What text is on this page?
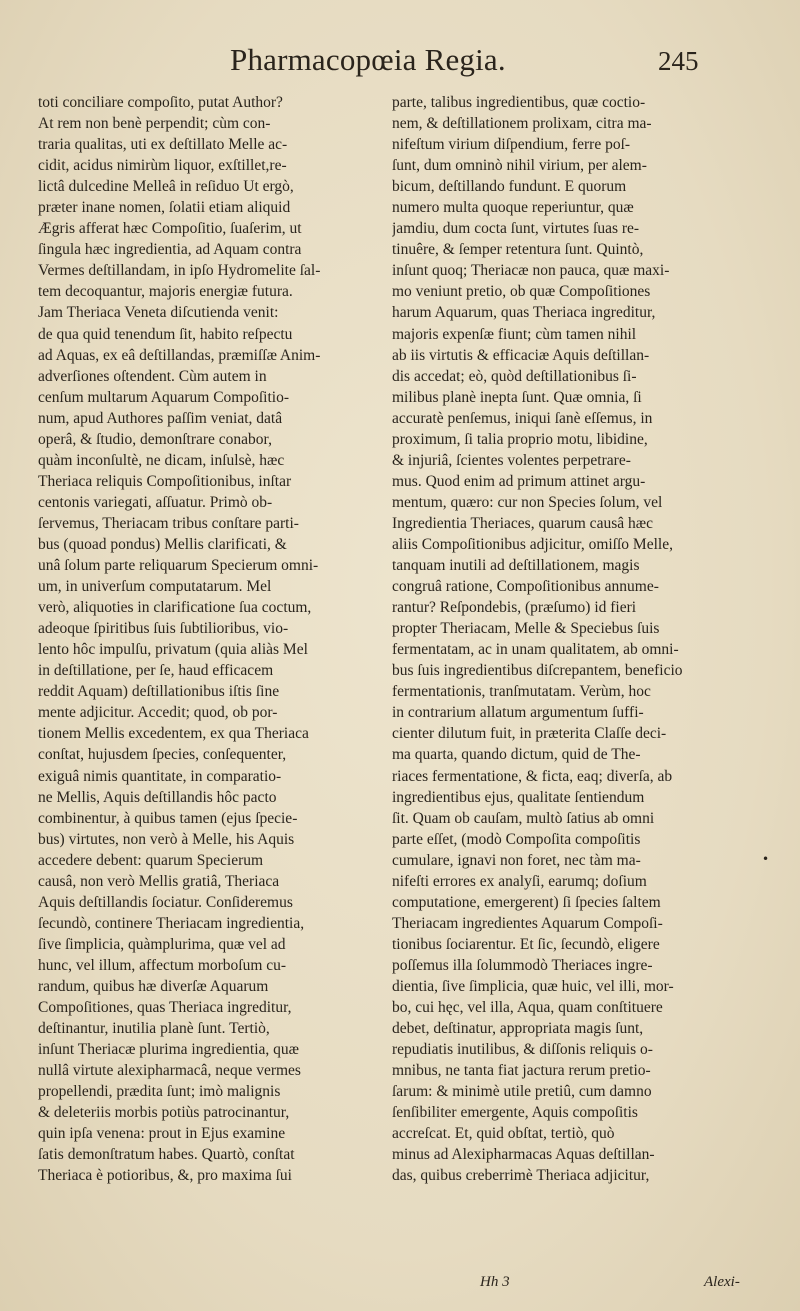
Pharmacopœia Regia.	245
toti conciliare compoſito, putat Author?
At rem non benè perpendit; cùm con-
traria qualitas, uti ex deſtillato Melle ac-
cidit, acidus nimirùm liquor, exſtillet,re-
lictâ dulcedine Melleâ in reſiduo Ut ergò,
præter inane nomen, ſolatii etiam aliquid
Ægris afferat hæc Compoſitio, ſuaſerim, ut
ſingula hæc ingredientia, ad Aquam contra
Vermes deſtillandam, in ipſo Hydromelite ſal-
tem decoquantur, majoris energiæ futura.
Jam Theriaca Veneta diſcutienda venit:
de qua quid tenendum ſit, habito reſpectu
ad Aquas, ex eâ deſtillandas, præmiſſæ Anim-
adverſiones oſtendent. Cùm autem in
cenſum multarum Aquarum Compoſitio-
num, apud Authores paſſim veniat, datâ
operâ, & ſtudio, demonſtrare conabor,
quàm inconſultè, ne dicam, inſulsè, hæc
Theriaca reliquis Compoſitionibus, inſtar
centonis variegati, aſſuatur. Primò ob-
ſervemus, Theriacam tribus conſtare parti-
bus (quoad pondus) Mellis clarificati, &
unâ ſolum parte reliquarum Specierum omni-
um, in univerſum computatarum. Mel
verò, aliquoties in clarificatione ſua coctum,
adeoque ſpiritibus ſuis ſubtilioribus, vio-
lento hôc impulſu, privatum (quia aliàs Mel
in deſtillatione, per ſe, haud efficacem
reddit Aquam) deſtillationibus iſtis ſine
mente adjicitur. Accedit; quod, ob por-
tionem Mellis excedentem, ex qua Theriaca
conſtat, hujusdem ſpecies, conſequenter,
exiguâ nimis quantitate, in comparatio-
ne Mellis, Aquis deſtillandis hôc pacto
combinentur, à quibus tamen (ejus ſpecie-
bus) virtutes, non verò à Melle, his Aquis
accedere debent: quarum Specierum
causâ, non verò Mellis gratiâ, Theriaca
Aquis deſtillandis ſociatur. Conſideremus
ſecundò, continere Theriacam ingredientia,
ſive ſimplicia, quàmplurima, quæ vel ad
hunc, vel illum, affectum morboſum cu-
randum, quibus hæ diverſæ Aquarum
Compoſitiones, quas Theriaca ingreditur,
deſtinantur, inutilia planè ſunt. Tertiò,
inſunt Theriacæ plurima ingredientia, quæ
nullâ virtute alexipharmacâ, neque vermes
propellendi, prædita ſunt; imò malignis
& deleteriis morbis potiùs patrocinantur,
quin ipſa venena: prout in Ejus examine
ſatis demonſtratum habes. Quartò, conſtat
Theriaca è potioribus, &, pro maxima ſui
parte, talibus ingredientibus, quæ coctio-
nem, & deſtillationem prolixam, citra ma-
nifeſtum virium diſpendium, ferre poſ-
ſunt, dum omninò nihil virium, per alem-
bicum, deſtillando fundunt. E quorum
numero multa quoque reperiuntur, quæ
jamdiu, dum cocta ſunt, virtutes ſuas re-
tinuêre, & ſemper retentura ſunt. Quintò,
inſunt quoq; Theriacæ non pauca, quæ maxi-
mo veniunt pretio, ob quæ Compoſitiones
harum Aquarum, quas Theriaca ingreditur,
majoris expenſæ fiunt; cùm tamen nihil
ab iis virtutis & efficaciæ Aquis deſtillan-
dis accedat; eò, quòd deſtillationibus ſi-
milibus planè inepta ſunt. Quæ omnia, ſi
accuratè penſemus, iniqui ſanè eſſemus, in
proximum, ſi talia proprio motu, libidine,
& injuriâ, ſcientes volentes perpetrare-
mus. Quod enim ad primum attinet argu-
mentum, quæro: cur non Species ſolum, vel
Ingredientia Theriaces, quarum causâ hæc
aliis Compoſitionibus adjicitur, omiſſo Melle,
tanquam inutili ad deſtillationem, magis
congruâ ratione, Compoſitionibus annume-
rantur? Reſpondebis, (præſumo) id fieri
propter Theriacam, Melle & Speciebus ſuis
fermentatam, ac in unam qualitatem, ab omni-
bus ſuis ingredientibus diſcrepantem, beneficio
fermentationis, tranſmutatam. Verùm, hoc
in contrarium allatum argumentum ſuffi-
cienter dilutum fuit, in præterita Claſſe deci-
ma quarta, quando dictum, quid de The-
riaces fermentatione, & ficta, eaq; diverſa, ab
ingredientibus ejus, qualitate ſentiendum
ſit. Quam ob cauſam, multò ſatius ab omni
parte eſſet, (modò Compoſita compoſitis
cumulare, ignavi non foret, nec tàm ma-
nifeſti errores ex analyſi, earumq; doſium
computatione, emergerent) ſi ſpecies ſaltem
Theriacam ingredientes Aquarum Compoſi-
tionibus ſociarentur. Et ſic, ſecundò, eligere
poſſemus illa ſolummodò Theriaces ingre-
dientia, ſive ſimplicia, quæ huic, vel illi, mor-
bo, cui hęc, vel illa, Aqua, quam conſtituere
debet, deſtinatur, appropriata magis ſunt,
repudiatis inutilibus, & diſſonis reliquis o-
mnibus, ne tanta fiat jactura rerum pretio-
ſarum: & minimè utile pretiû, cum damno
ſenſibiliter emergente, Aquis compoſitis
accreſcat. Et, quid obſtat, tertiò, quò
minus ad Alexipharmacas Aquas deſtillan-
das, quibus creberrimè Theriaca adjicitur,
•
Hh 3	Alexi-
